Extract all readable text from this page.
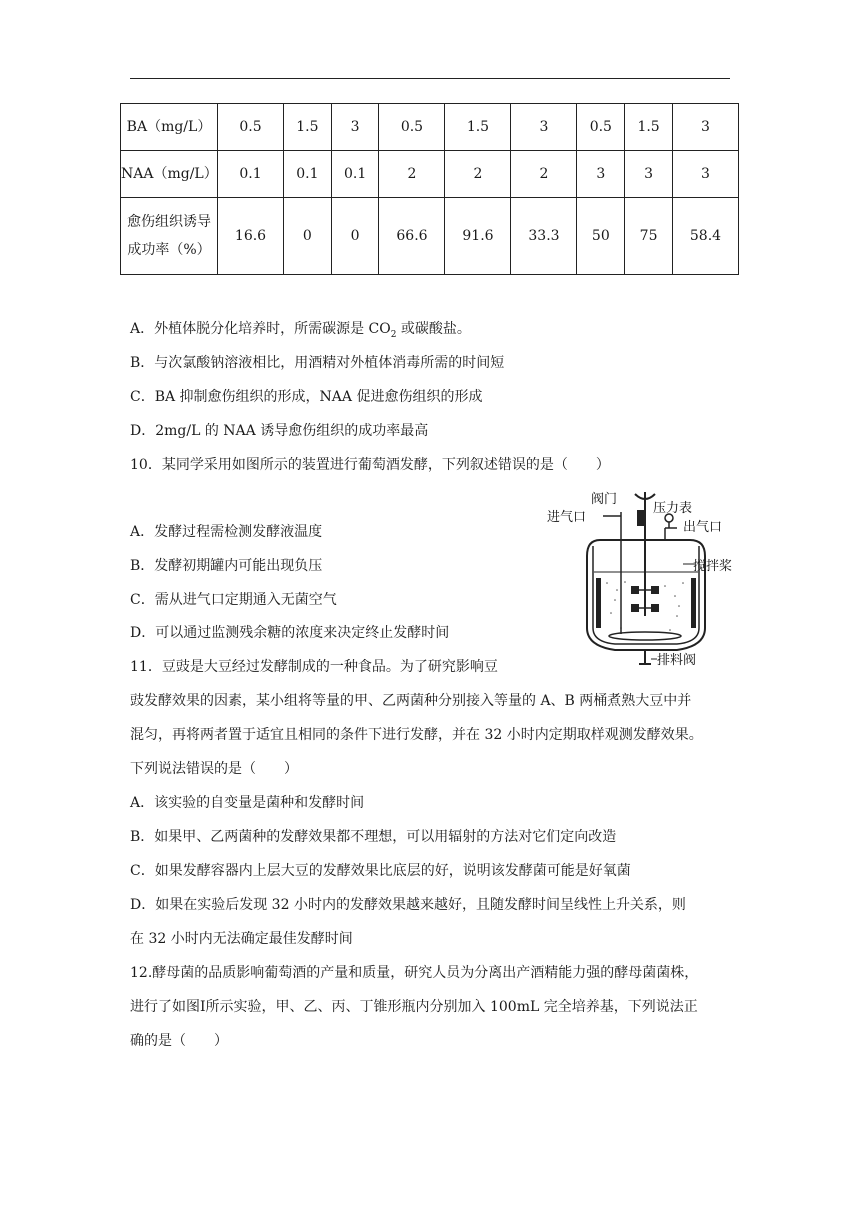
BA（mg/L）	0.5	1.5	3	0.5	1.5	3	0.5	1.5	3
NAA（mg/L）	0.1	0.1	0.1	2	2	2	3	3	3

愈伤组织诱导
成功率（%）	16.6	0	0	66.6	91.6	33.3	50	75	58.4
A．外植体脱分化培养时，所需碳源是 $CO_2$ 或碳酸盐。
B．与次氯酸钠溶液相比，用酒精对外植体消毒所需的时间短
C．BA 抑制愈伤组织的形成，NAA 促进愈伤组织的形成
D．2mg/L 的 NAA 诱导愈伤组织的成功率最高
10．某同学采用如图所示的装置进行葡萄酒发酵，下列叙述错误的是（　　）
A．发酵过程需检测发酵液温度
B．发酵初期罐内可能出现负压
C．需从进气口定期通入无菌空气
D．可以通过监测残余糖的浓度来决定终止发酵时间
阀门
压力表
进气口
出气口
搅拌桨
排料阀
11．豆豉是大豆经过发酵制成的一种食品。为了研究影响豆
豉发酵效果的因素，某小组将等量的甲、乙两菌种分别接入等量的 A、B 两桶煮熟大豆中并
混匀，再将两者置于适宜且相同的条件下进行发酵，并在 32 小时内定期取样观测发酵效果。
下列说法错误的是（　　）
A．该实验的自变量是菌种和发酵时间
B．如果甲、乙两菌种的发酵效果都不理想，可以用辐射的方法对它们定向改造
C．如果发酵容器内上层大豆的发酵效果比底层的好，说明该发酵菌可能是好氧菌
D．如果在实验后发现 32 小时内的发酵效果越来越好，且随发酵时间呈线性上升关系，则
在 32 小时内无法确定最佳发酵时间
12.酵母菌的品质影响葡萄酒的产量和质量，研究人员为分离出产酒精能力强的酵母菌菌株，
进行了如图Ⅰ所示实验，甲、乙、丙、丁锥形瓶内分别加入 100mL 完全培养基，下列说法正
确的是（　　）
